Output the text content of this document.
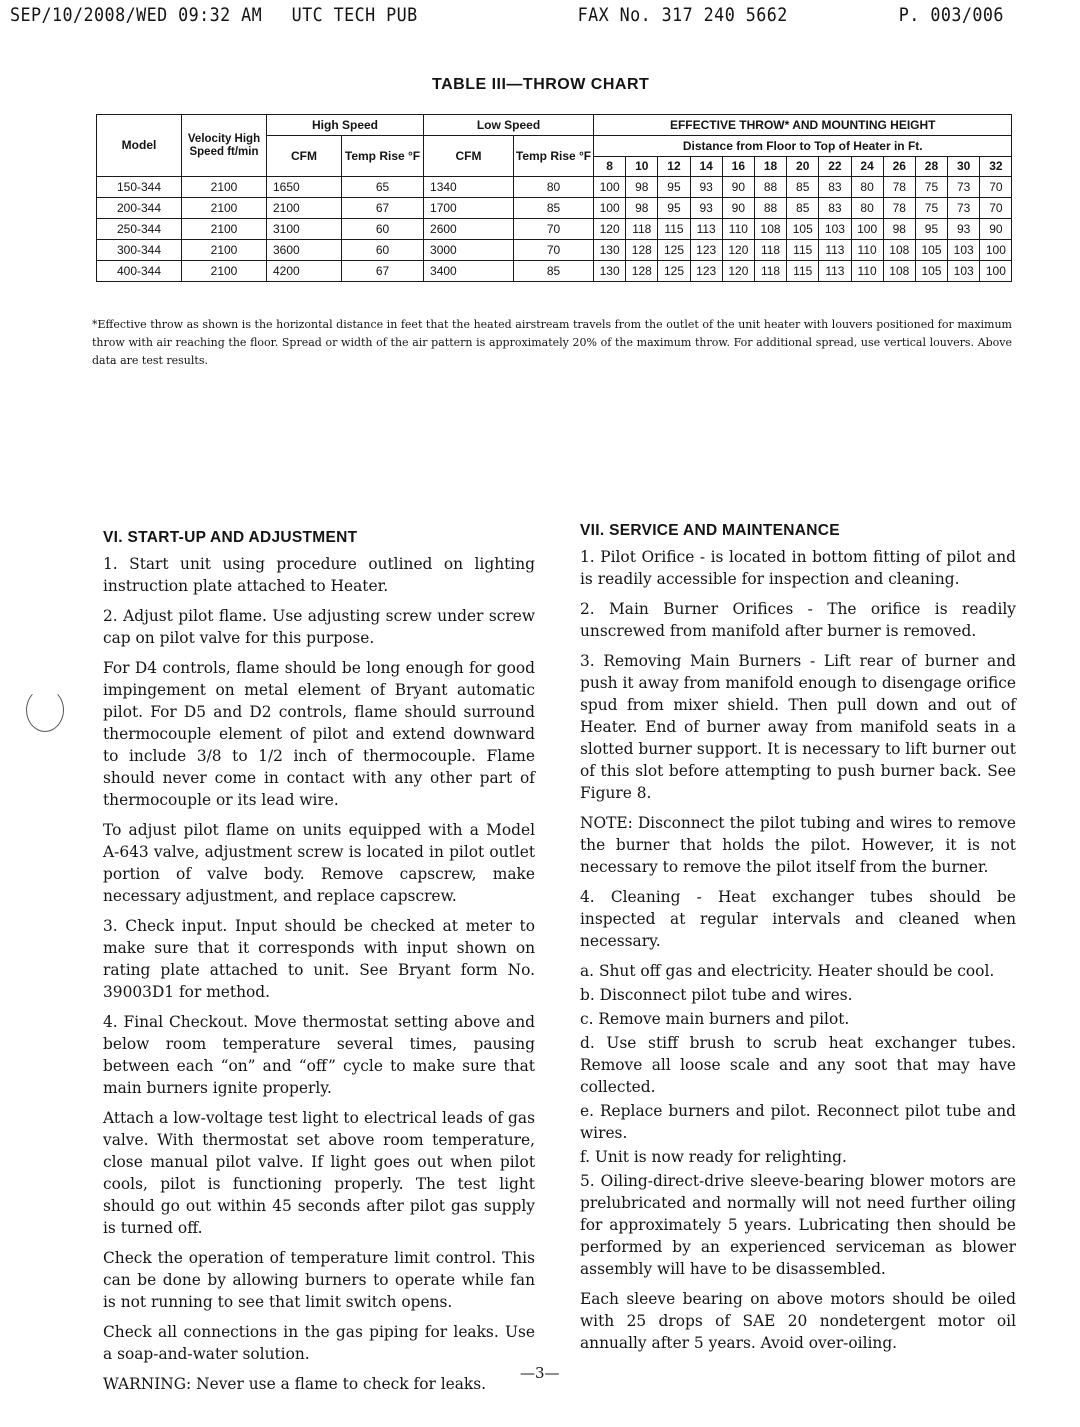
SEP/10/2008/WED 09:32 AM UTC TECH PUB	FAX No. 317 240 5662	P. 003/006
TABLE III—THROW CHART
Model	Velocity High Speed ft/min	High Speed		Low Speed		EFFECTIVE THROW* AND MOUNTING HEIGHT												
		CFM	Temp Rise °F	CFM	Temp Rise °F	Distance from Floor to Top of Heater in Ft.												
						8	10	12	14	16	18	20	22	24	26	28	30	32
150-344	2100	1650	65	1340	80	100	98	95	93	90	88	85	83	80	78	75	73	70
200-344	2100	2100	67	1700	85	100	98	95	93	90	88	85	83	80	78	75	73	70
250-344	2100	3100	60	2600	70	120	118	115	113	110	108	105	103	100	98	95	93	90
300-344	2100	3600	60	3000	70	130	128	125	123	120	118	115	113	110	108	105	103	100
400-344	2100	4200	67	3400	85	130	128	125	123	120	118	115	113	110	108	105	103	100
*Effective throw as shown is the horizontal distance in feet that the heated airstream travels from the outlet of the unit heater with louvers positioned for maximum throw with air reaching the floor. Spread or width of the air pattern is approximately 20% of the maximum throw. For additional spread, use vertical louvers. Above data are test results.
VI. START-UP AND ADJUSTMENT

1. Start unit using procedure outlined on lighting instruction plate attached to Heater.

2. Adjust pilot flame. Use adjusting screw under screw cap on pilot valve for this purpose.

For D4 controls, flame should be long enough for good impingement on metal element of Bryant automatic pilot. For D5 and D2 controls, flame should surround thermocouple element of pilot and extend downward to include 3/8 to 1/2 inch of thermocouple. Flame should never come in contact with any other part of thermocouple or its lead wire.

To adjust pilot flame on units equipped with a Model A-643 valve, adjustment screw is located in pilot outlet portion of valve body. Remove capscrew, make necessary adjustment, and replace capscrew.

3. Check input. Input should be checked at meter to make sure that it corresponds with input shown on rating plate attached to unit. See Bryant form No. 39003D1 for method.

4. Final Checkout. Move thermostat setting above and below room temperature several times, pausing between each “on” and “off” cycle to make sure that main burners ignite properly.

Attach a low-voltage test light to electrical leads of gas valve. With thermostat set above room temperature, close manual pilot valve. If light goes out when pilot cools, pilot is functioning properly. The test light should go out within 45 seconds after pilot gas supply is turned off.

Check the operation of temperature limit control. This can be done by allowing burners to operate while fan is not running to see that limit switch opens.

Check all connections in the gas piping for leaks. Use a soap-and-water solution.

WARNING: Never use a flame to check for leaks.

VII. SERVICE AND MAINTENANCE

1. Pilot Orifice - is located in bottom fitting of pilot and is readily accessible for inspection and cleaning.

2. Main Burner Orifices - The orifice is readily unscrewed from manifold after burner is removed.

3. Removing Main Burners - Lift rear of burner and push it away from manifold enough to disengage orifice spud from mixer shield. Then pull down and out of Heater. End of burner away from manifold seats in a slotted burner support. It is necessary to lift burner out of this slot before attempting to push burner back. See Figure 8.

NOTE: Disconnect the pilot tubing and wires to remove the burner that holds the pilot. However, it is not necessary to remove the pilot itself from the burner.

4. Cleaning - Heat exchanger tubes should be inspected at regular intervals and cleaned when necessary.

a. Shut off gas and electricity. Heater should be cool.

b. Disconnect pilot tube and wires.

c. Remove main burners and pilot.

d. Use stiff brush to scrub heat exchanger tubes. Remove all loose scale and any soot that may have collected.

e. Replace burners and pilot. Reconnect pilot tube and wires.

f. Unit is now ready for relighting.

5. Oiling-direct-drive sleeve-bearing blower motors are prelubricated and normally will not need further oiling for approximately 5 years. Lubricating then should be performed by an experienced serviceman as blower assembly will have to be disassembled.

Each sleeve bearing on above motors should be oiled with 25 drops of SAE 20 nondetergent motor oil annually after 5 years. Avoid over-oiling.

—3—
